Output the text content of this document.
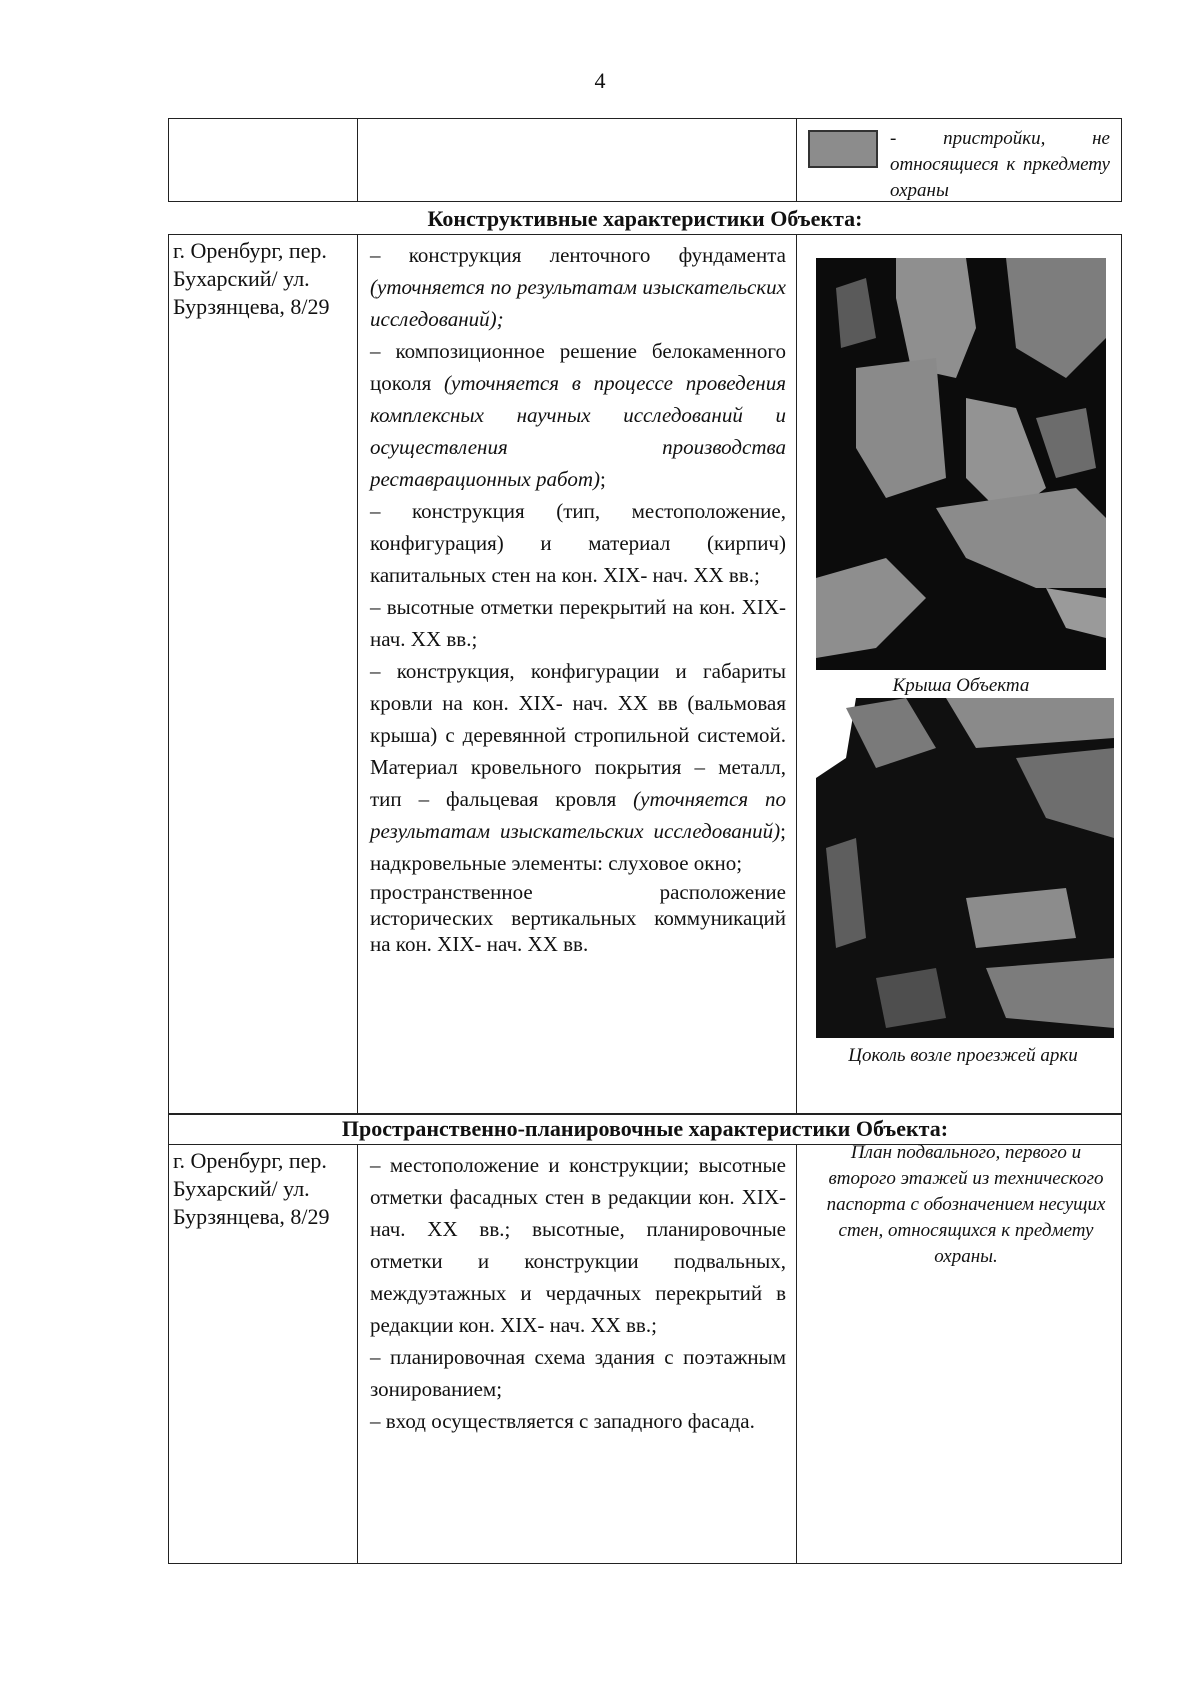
4
- пристройки, не относящиеся к пркедмету охраны
Конструктивные характеристики Объекта:
г. Оренбург, пер. Бухарский/ ул. Бурзянцева, 8/29

– конструкция ленточного фундамента (уточняется по результатам изыскательских исследований);

– композиционное решение белокаменного цоколя (уточняется в процессе проведения комплексных научных исследований и осуществления производства реставрационных работ);

– конструкция (тип, местоположение, конфигурация) и материал (кирпич) капитальных стен на кон. XIX- нач. XX вв.;

– высотные отметки перекрытий на кон. XIX- нач. XX вв.;

– конструкция, конфигурации и габариты кровли на кон. XIX- нач. XX вв (вальмовая крыша) с деревянной стропильной системой. Материал кровельного покрытия – металл, тип – фальцевая кровля (уточняется по результатам изыскательских исследований); надкровельные элементы: слуховое окно;

пространственное расположение исторических вертикальных коммуникаций на кон. XIX- нач. XX вв.

Крыша Объекта
Цоколь возле проезжей арки
Пространственно-планировочные характеристики Объекта:
г. Оренбург, пер. Бухарский/ ул. Бурзянцева, 8/29

– местоположение и конструкции; высотные отметки фасадных стен в редакции кон. XIX- нач. XX вв.; высотные, планировочные отметки и конструкции подвальных, междуэтажных и чердачных перекрытий в редакции кон. XIX- нач. XX вв.;

– планировочная схема здания с поэтажным зонированием;

– вход осуществляется с западного фасада.

План подвального, первого и второго этажей из технического паспорта с обозначением несущих стен, относящихся к предмету охраны.
